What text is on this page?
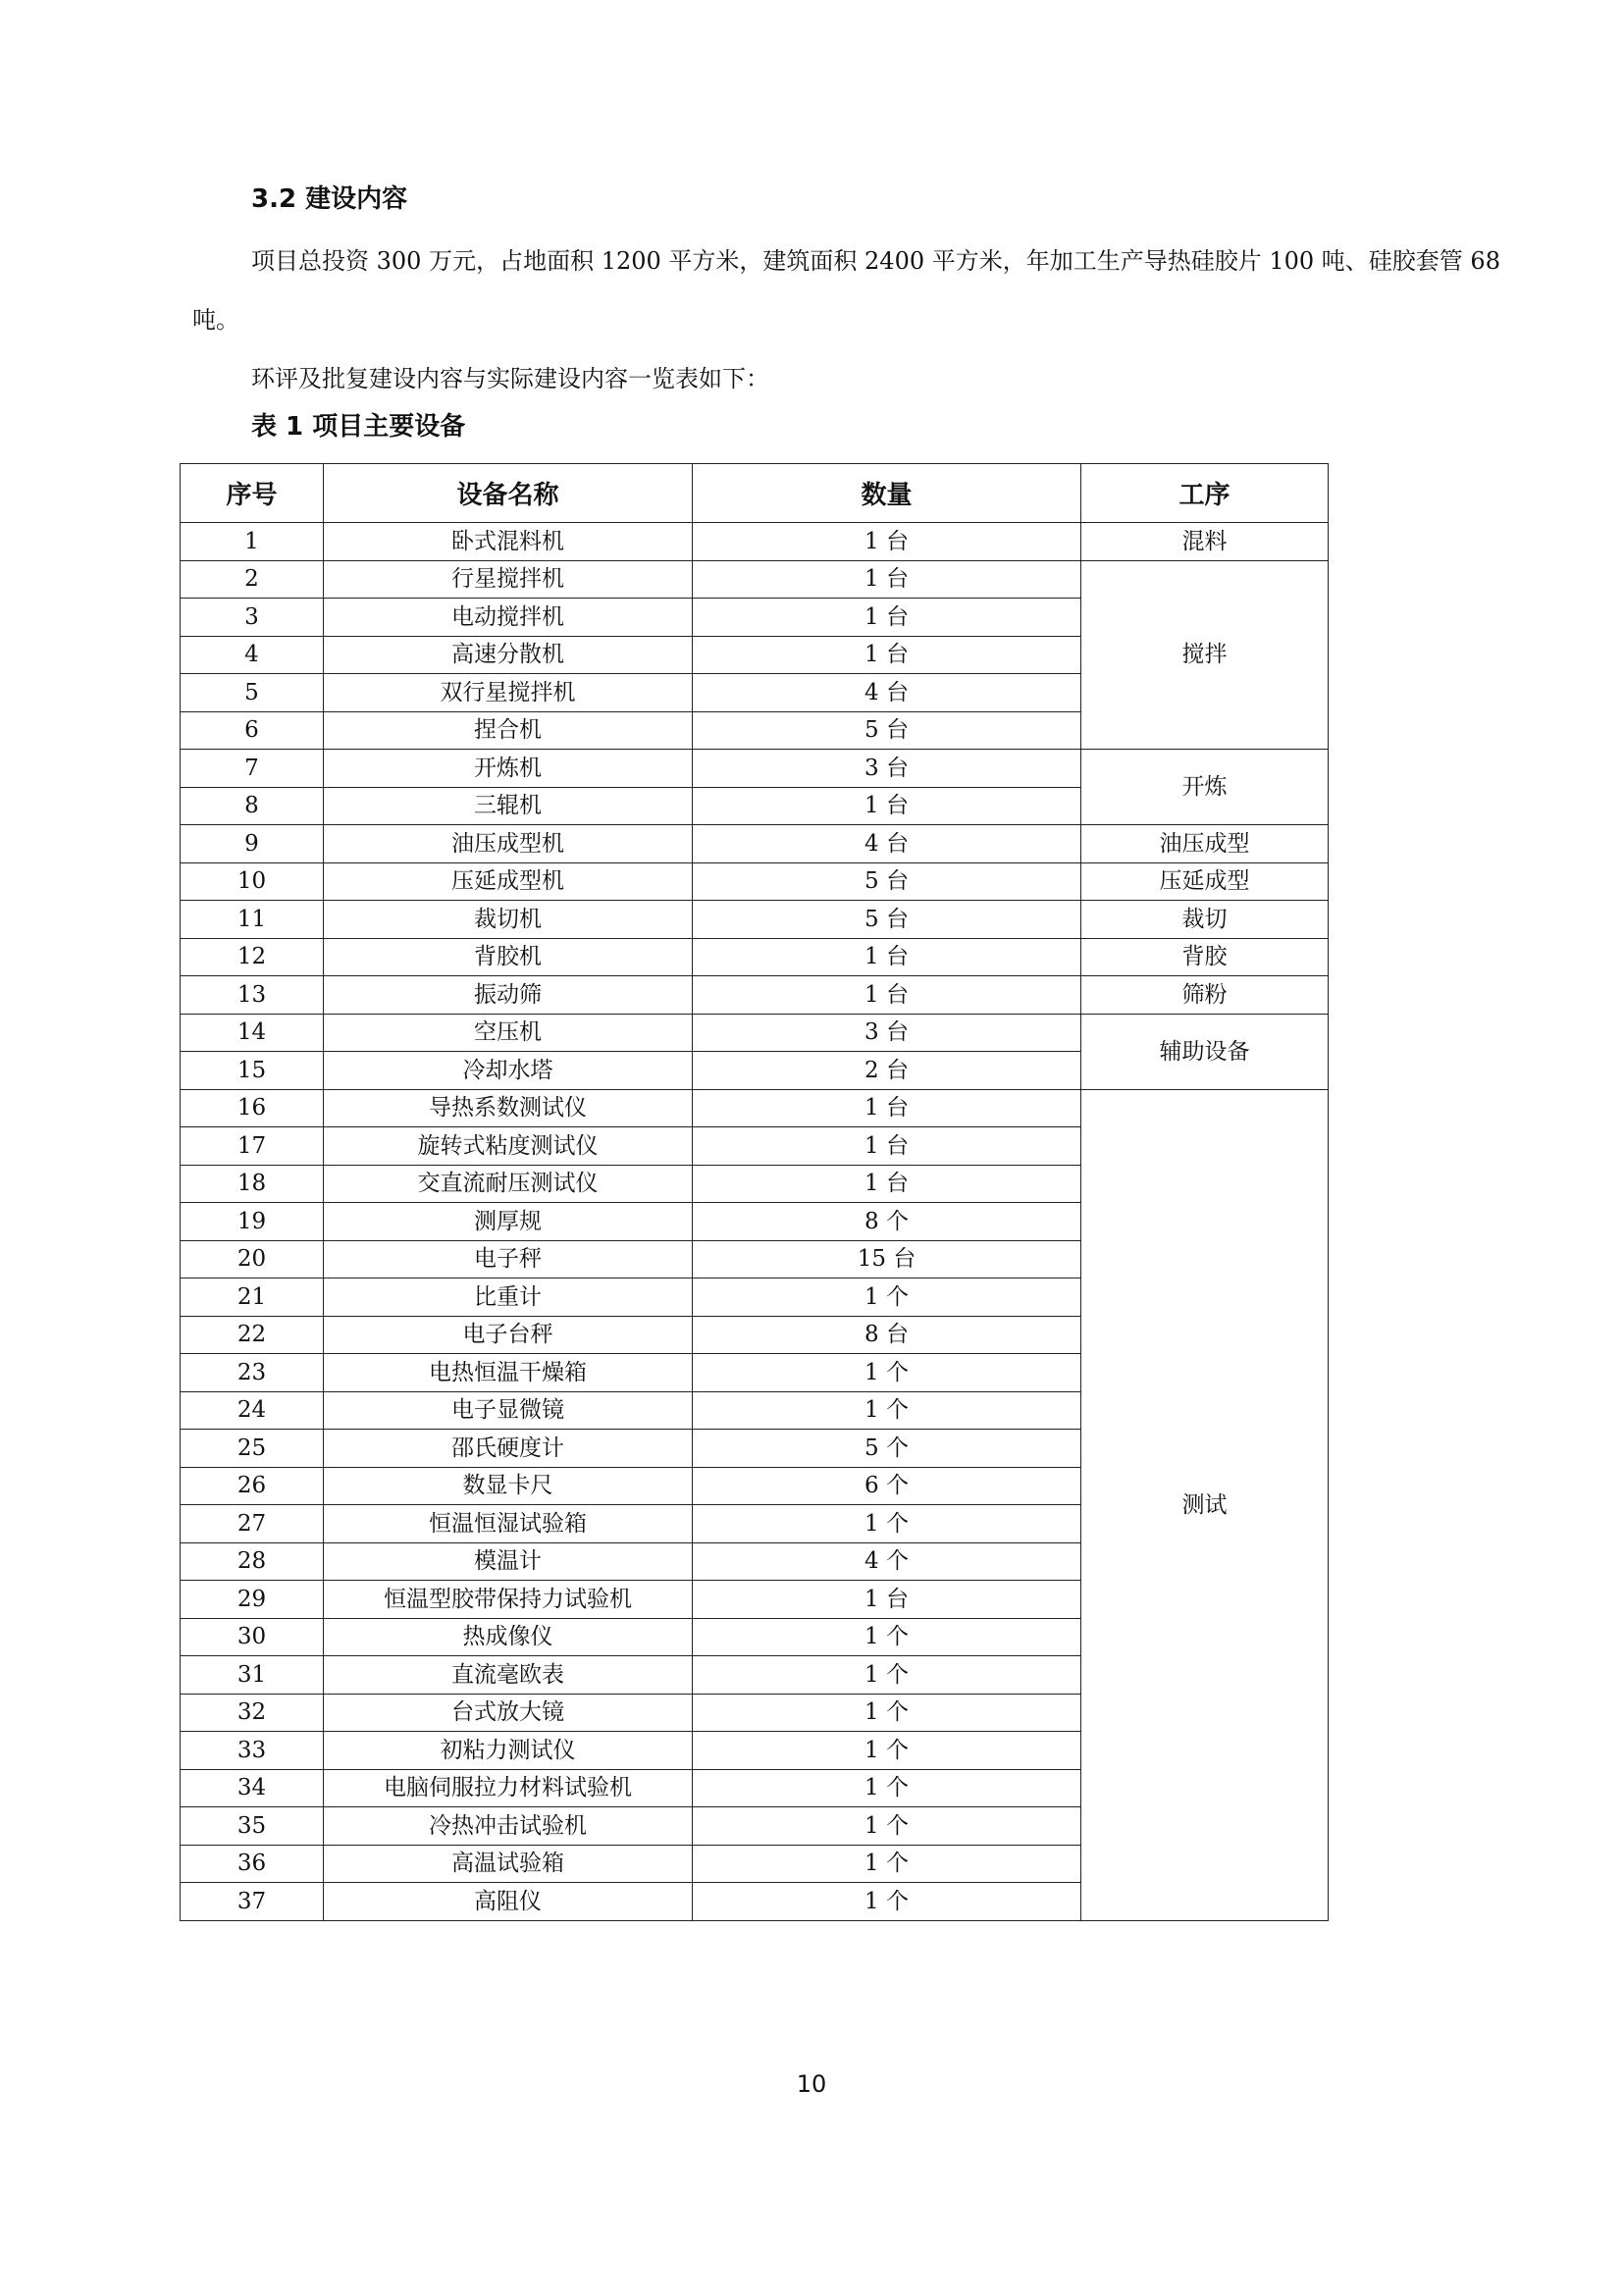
3.2 建设内容

项目总投资 300 万元，占地面积 1200 平方米，建筑面积 2400 平方米，年加工生产导热硅胶片 100 吨、硅胶套管 68 吨。

环评及批复建设内容与实际建设内容一览表如下：

表 1 项目主要设备
序号	设备名称	数量	工序
1	卧式混料机	1 台	混料
2	行星搅拌机	1 台	搅拌
3	电动搅拌机	1 台	
4	高速分散机	1 台	
5	双行星搅拌机	4 台	
6	捏合机	5 台	
7	开炼机	3 台	开炼
8	三辊机	1 台	
9	油压成型机	4 台	油压成型
10	压延成型机	5 台	压延成型
11	裁切机	5 台	裁切
12	背胶机	1 台	背胶
13	振动筛	1 台	筛粉
14	空压机	3 台	辅助设备
15	冷却水塔	2 台	
16	导热系数测试仪	1 台	测试
17	旋转式粘度测试仪	1 台	
18	交直流耐压测试仪	1 台	
19	测厚规	8 个	
20	电子秤	15 台	
21	比重计	1 个	
22	电子台秤	8 台	
23	电热恒温干燥箱	1 个	
24	电子显微镜	1 个	
25	邵氏硬度计	5 个	
26	数显卡尺	6 个	
27	恒温恒湿试验箱	1 个	
28	模温计	4 个	
29	恒温型胶带保持力试验机	1 台	
30	热成像仪	1 个	
31	直流毫欧表	1 个	
32	台式放大镜	1 个	
33	初粘力测试仪	1 个	
34	电脑伺服拉力材料试验机	1 个	
35	冷热冲击试验机	1 个	
36	高温试验箱	1 个	
37	高阻仪	1 个	
10
